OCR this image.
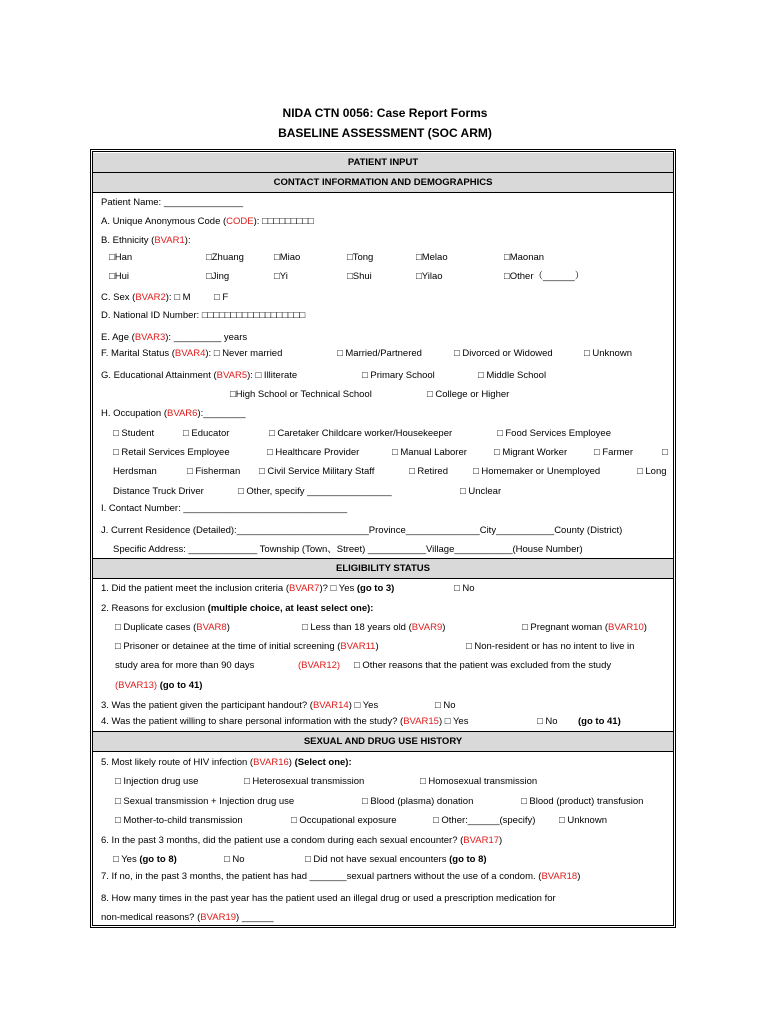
NIDA CTN 0056: Case Report Forms
BASELINE ASSESSMENT (SOC ARM)
PATIENT INPUT
CONTACT INFORMATION AND DEMOGRAPHICS
Patient Name: _______________
A. Unique Anonymous Code (CODE): □□□□□□□□□
B. Ethnicity (BVAR1):
□Han	□Zhuang	□Miao	□Tong	□Melao	□Maonan
□Hui	□Jing	□Yi	□Shui	□Yilao	□Other（______）
C. Sex (BVAR2): □ M □ F
D. National ID Number: □□□□□□□□□□□□□□□□□□
E. Age (BVAR3): _________ years
F. Marital Status (BVAR4): □ Never married	□ Married/Partnered	□ Divorced or Widowed	□ Unknown
G. Educational Attainment (BVAR5): □ Illiterate	□ Primary School	□ Middle School
□High School or Technical School	□ College or Higher
H. Occupation (BVAR6):________
□ Student	□ Educator	□ Caretaker Childcare worker/Housekeeper	□ Food Services Employee
□ Retail Services Employee	□ Healthcare Provider	□ Manual Laborer	□ Migrant Worker	□ Farmer	□
Herdsman	□ Fisherman □ Civil Service Military Staff	□ Retired	□ Homemaker or Unemployed	□ Long
Distance Truck Driver	□ Other, specify ________________	□ Unclear
I. Contact Number: _______________________________
J. Current Residence (Detailed):_________________________Province______________City___________County (District)
Specific Address: _____________ Township (Town、Street) ___________Village___________(House Number)
ELIGIBILITY STATUS
1. Did the patient meet the inclusion criteria (BVAR7)? □ Yes (go to 3)	□ No
2. Reasons for exclusion (multiple choice, at least select one):
□ Duplicate cases (BVAR8)	□ Less than 18 years old (BVAR9)	□ Pregnant woman (BVAR10)
□ Prisoner or detainee at the time of initial screening (BVAR11)	□ Non-resident or has no intent to live in
study area for more than 90 days	(BVAR12) □ Other reasons that the patient was excluded from the study
(BVAR13) (go to 41)
3. Was the patient given the participant handout? (BVAR14) □ Yes	□ No
4. Was the patient willing to share personal information with the study? (BVAR15) □ Yes	□ No (go to 41)
SEXUAL AND DRUG USE HISTORY
5. Most likely route of HIV infection (BVAR16) (Select one):
□ Injection drug use	□ Heterosexual transmission	□ Homosexual transmission
□ Sexual transmission + Injection drug use	□ Blood (plasma) donation	□ Blood (product) transfusion
□ Mother-to-child transmission	□ Occupational exposure	□ Other:______(specify) □ Unknown
6. In the past 3 months, did the patient use a condom during each sexual encounter? (BVAR17)
□ Yes (go to 8)	□ No	□ Did not have sexual encounters (go to 8)
7. If no, in the past 3 months, the patient has had _______sexual partners without the use of a condom. (BVAR18)
8. How many times in the past year has the patient used an illegal drug or used a prescription medication for
non-medical reasons? (BVAR19) ______
